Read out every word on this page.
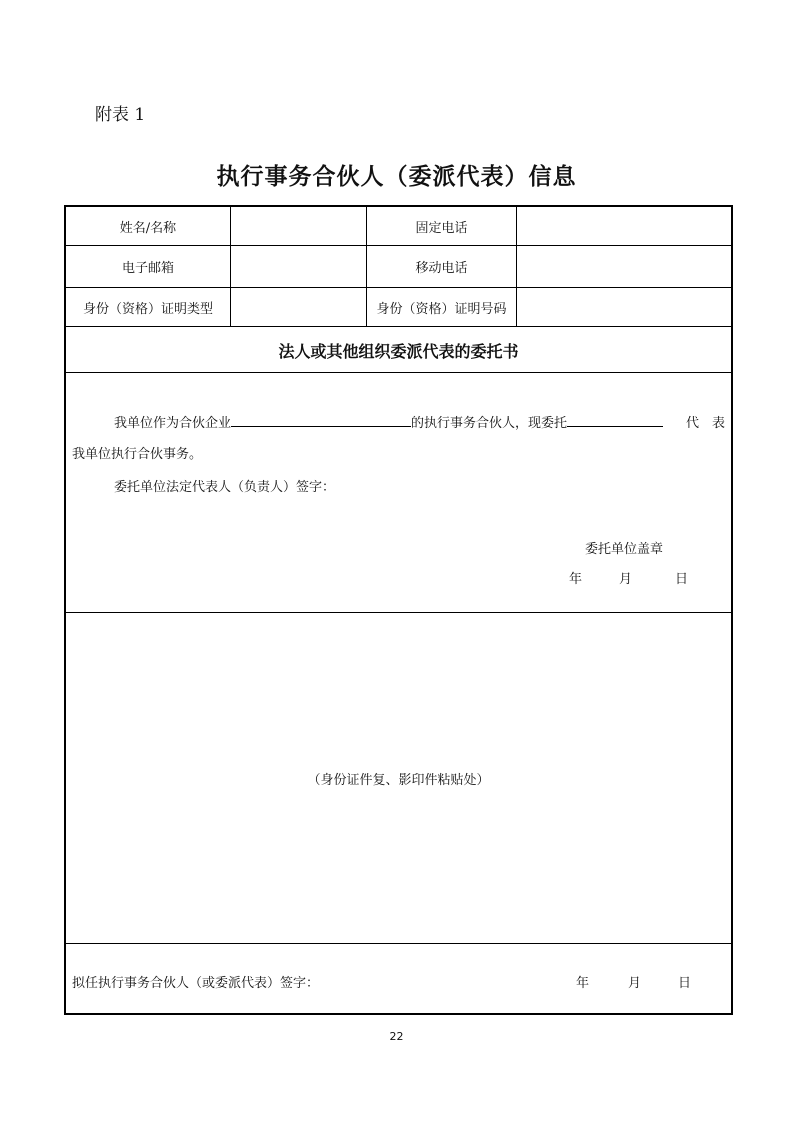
附表 1
执行事务合伙人（委派代表）信息
姓名/名称	固定电话
电子邮箱	移动电话
身份（资格）证明类型	身份（资格）证明号码
法人或其他组织委派代表的委托书
我单位作为合伙企业	的执行事务合伙人，现委托	代　表
我单位执行合伙事务。
委托单位法定代表人（负责人）签字：
委托单位盖章
年	月	日
（身份证件复、影印件粘贴处）
拟任执行事务合伙人（或委派代表）签字：	年	月	日
22
